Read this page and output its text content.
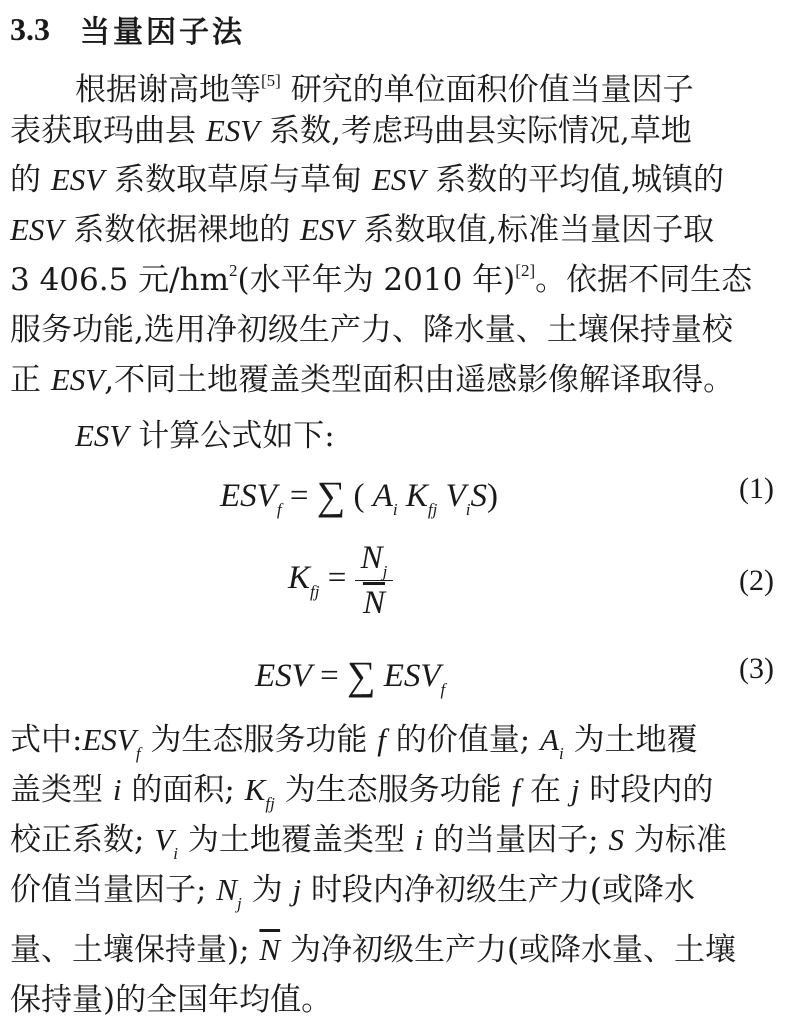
3.3 当量因子法
根据谢高地等[5] 研究的单位面积价值当量因子
表获取玛曲县 ESV 系数,考虑玛曲县实际情况,草地
的 ESV 系数取草原与草甸 ESV 系数的平均值,城镇的
ESV 系数依据裸地的 ESV 系数取值,标准当量因子取
3 406.5 元$/hm^2$(水平年为 2010 年)[2]。依据不同生态
服务功能,选用净初级生产力、降水量、土壤保持量校
正 ESV,不同土地覆盖类型面积由遥感影像解译取得。
ESV 计算公式如下:
$ESV_f$ = ∑ ( $A_i$ $K_{fj}$ $V_iS$)	(1)
$K_{fj} = \frac{N_j}{N}$	(2)
ESV = ∑ $ESV_f$
(3)
式中$:ESV_f$ 为生态服务功能 f 的价值量; $A_i$ 为土地覆
盖类型 i 的面积; $K_{fj}$ 为生态服务功能 f 在 j 时段内的
校正系数; $V_i$ 为土地覆盖类型 i 的当量因子; S 为标准
价值当量因子; $N_j$ 为 j 时段内净初级生产力(或降水
量、土壤保持量); $\overline{N}$ 为净初级生产力(或降水量、土壤
保持量)的全国年均值。
